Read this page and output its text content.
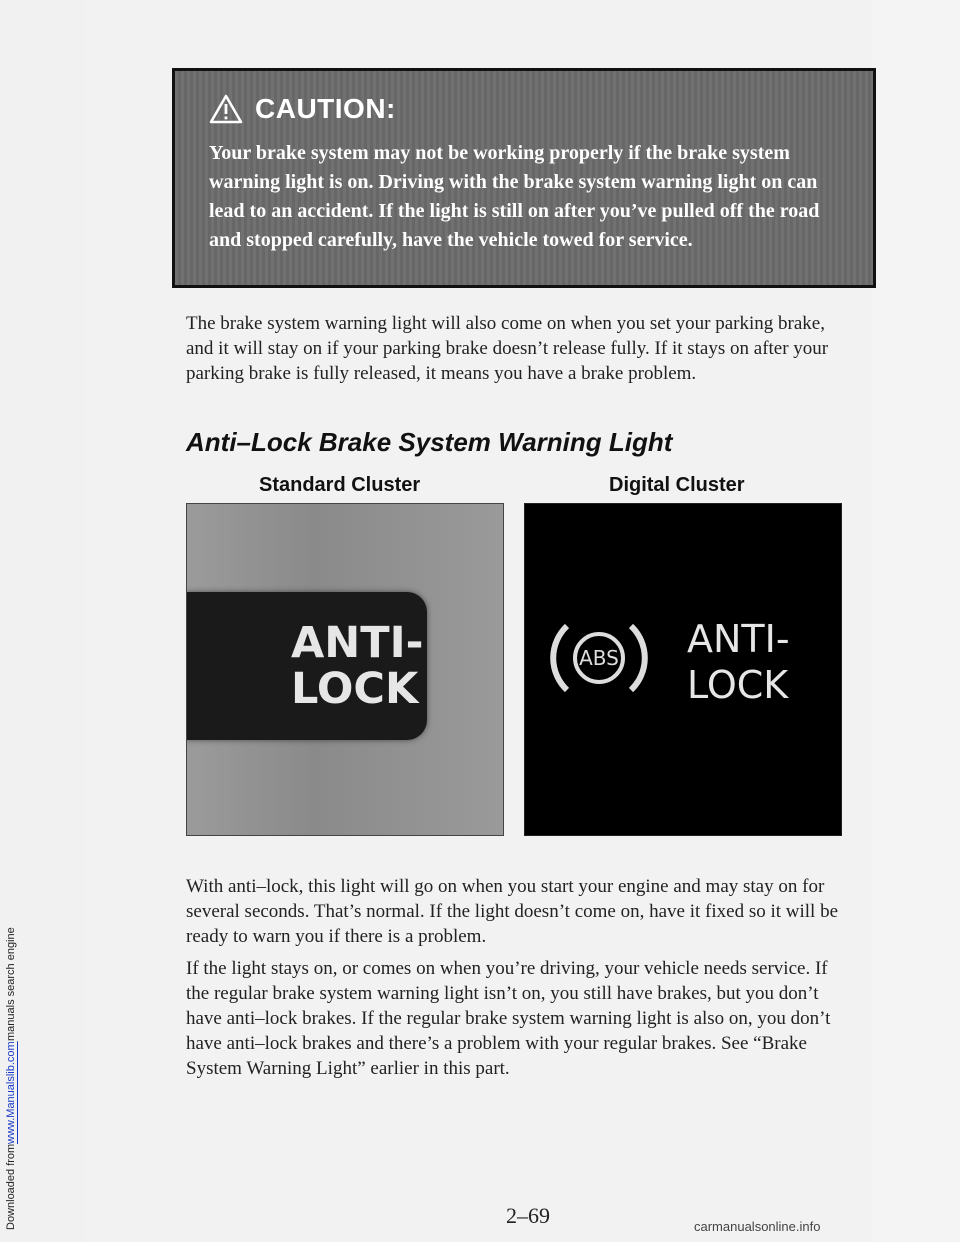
Downloaded from
www.Manualslib.com
manuals search engine
CAUTION:
Your brake system may not be working properly if the brake system warning light is on. Driving with the brake system warning light on can lead to an accident. If the light is still on after you’ve pulled off the road and stopped carefully, have the vehicle towed for service.

The brake system warning light will also come on when you set your parking brake, and it will stay on if your parking brake doesn’t release fully. If it stays on after your parking brake is fully released, it means you have a brake problem.

Anti–Lock Brake System Warning Light
Standard Cluster	Digital Cluster
ANTI-
LOCK
ABS	ANTI-
LOCK

With anti–lock, this light will go on when you start your engine and may stay on for several seconds. That’s normal. If the light doesn’t come on, have it fixed so it will be ready to warn you if there is a problem.

If the light stays on, or comes on when you’re driving, your vehicle needs service. If the regular brake system warning light isn’t on, you still have brakes, but you don’t have anti–lock brakes. If the regular brake system warning light is also on, you don’t have anti–lock brakes and there’s a problem with your regular brakes. See “Brake System Warning Light” earlier in this part.

2–69	carmanualsonline.info
